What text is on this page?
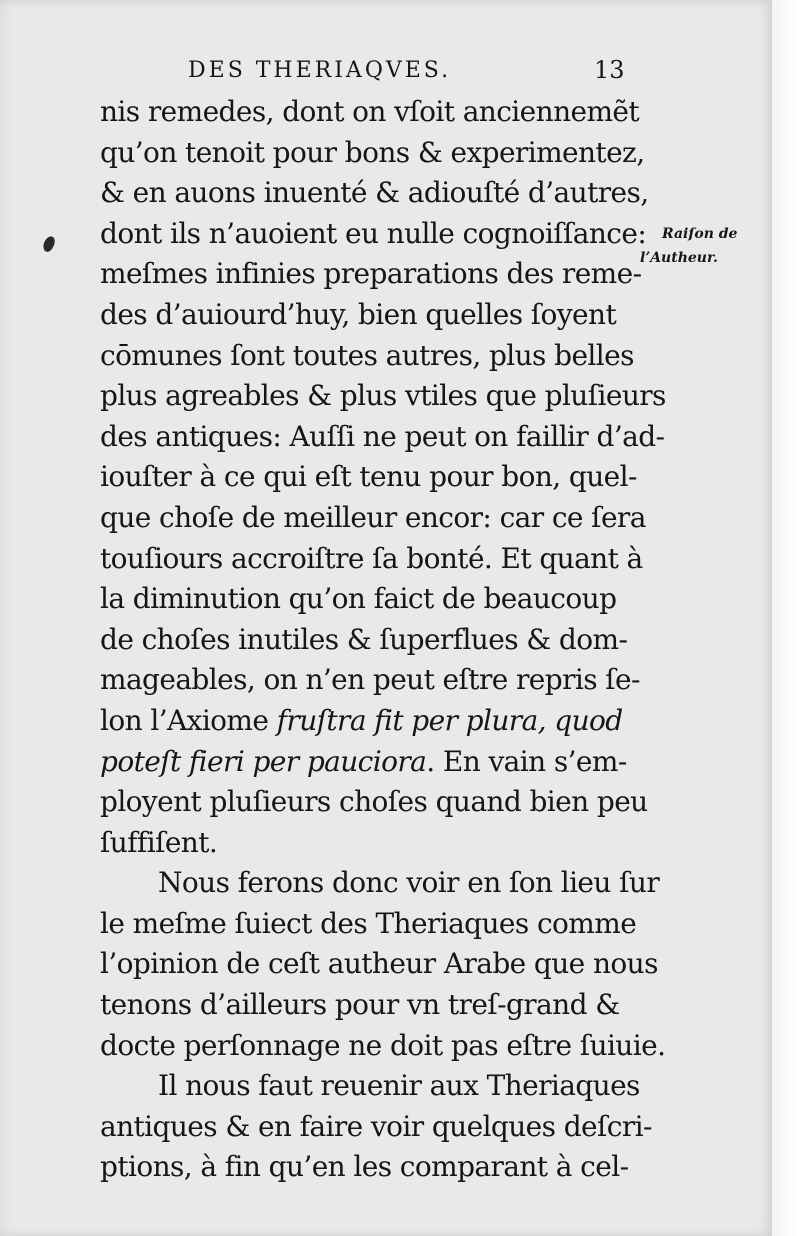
DES THERIAQVES.	13
Raiſon de
l’Autheur.
nis remedes, dont on vſoit anciennemẽt
qu’on tenoit pour bons & experimentez,
& en auons inuenté & adiouſté d’autres,
dont ils n’auoient eu nulle cognoiſſance:
meſmes infinies preparations des reme-
des d’auiourd’huy, bien quelles ſoyent
cōmunes ſont toutes autres, plus belles
plus agreables & plus vtiles que pluſieurs
des antiques: Auſſi ne peut on faillir d’ad-
iouſter à ce qui eſt tenu pour bon, quel-
que choſe de meilleur encor: car ce ſera
touſiours accroiſtre ſa bonté. Et quant à
la diminution qu’on faict de beaucoup
de choſes inutiles & ſuperflues & dom-
mageables, on n’en peut eſtre repris ſe-
lon l’Axiome fruſtra fit per plura, quod
poteſt fieri per pauciora. En vain s’em-
ployent pluſieurs choſes quand bien peu
ſuffiſent.
Nous ferons donc voir en ſon lieu ſur
le meſme ſuiect des Theriaques comme
l’opinion de ceſt autheur Arabe que nous
tenons d’ailleurs pour vn treſ-grand &
docte perſonnage ne doit pas eſtre ſuiuie.
Il nous faut reuenir aux Theriaques
antiques & en faire voir quelques deſcri-
ptions, à fin qu’en les comparant à cel-
